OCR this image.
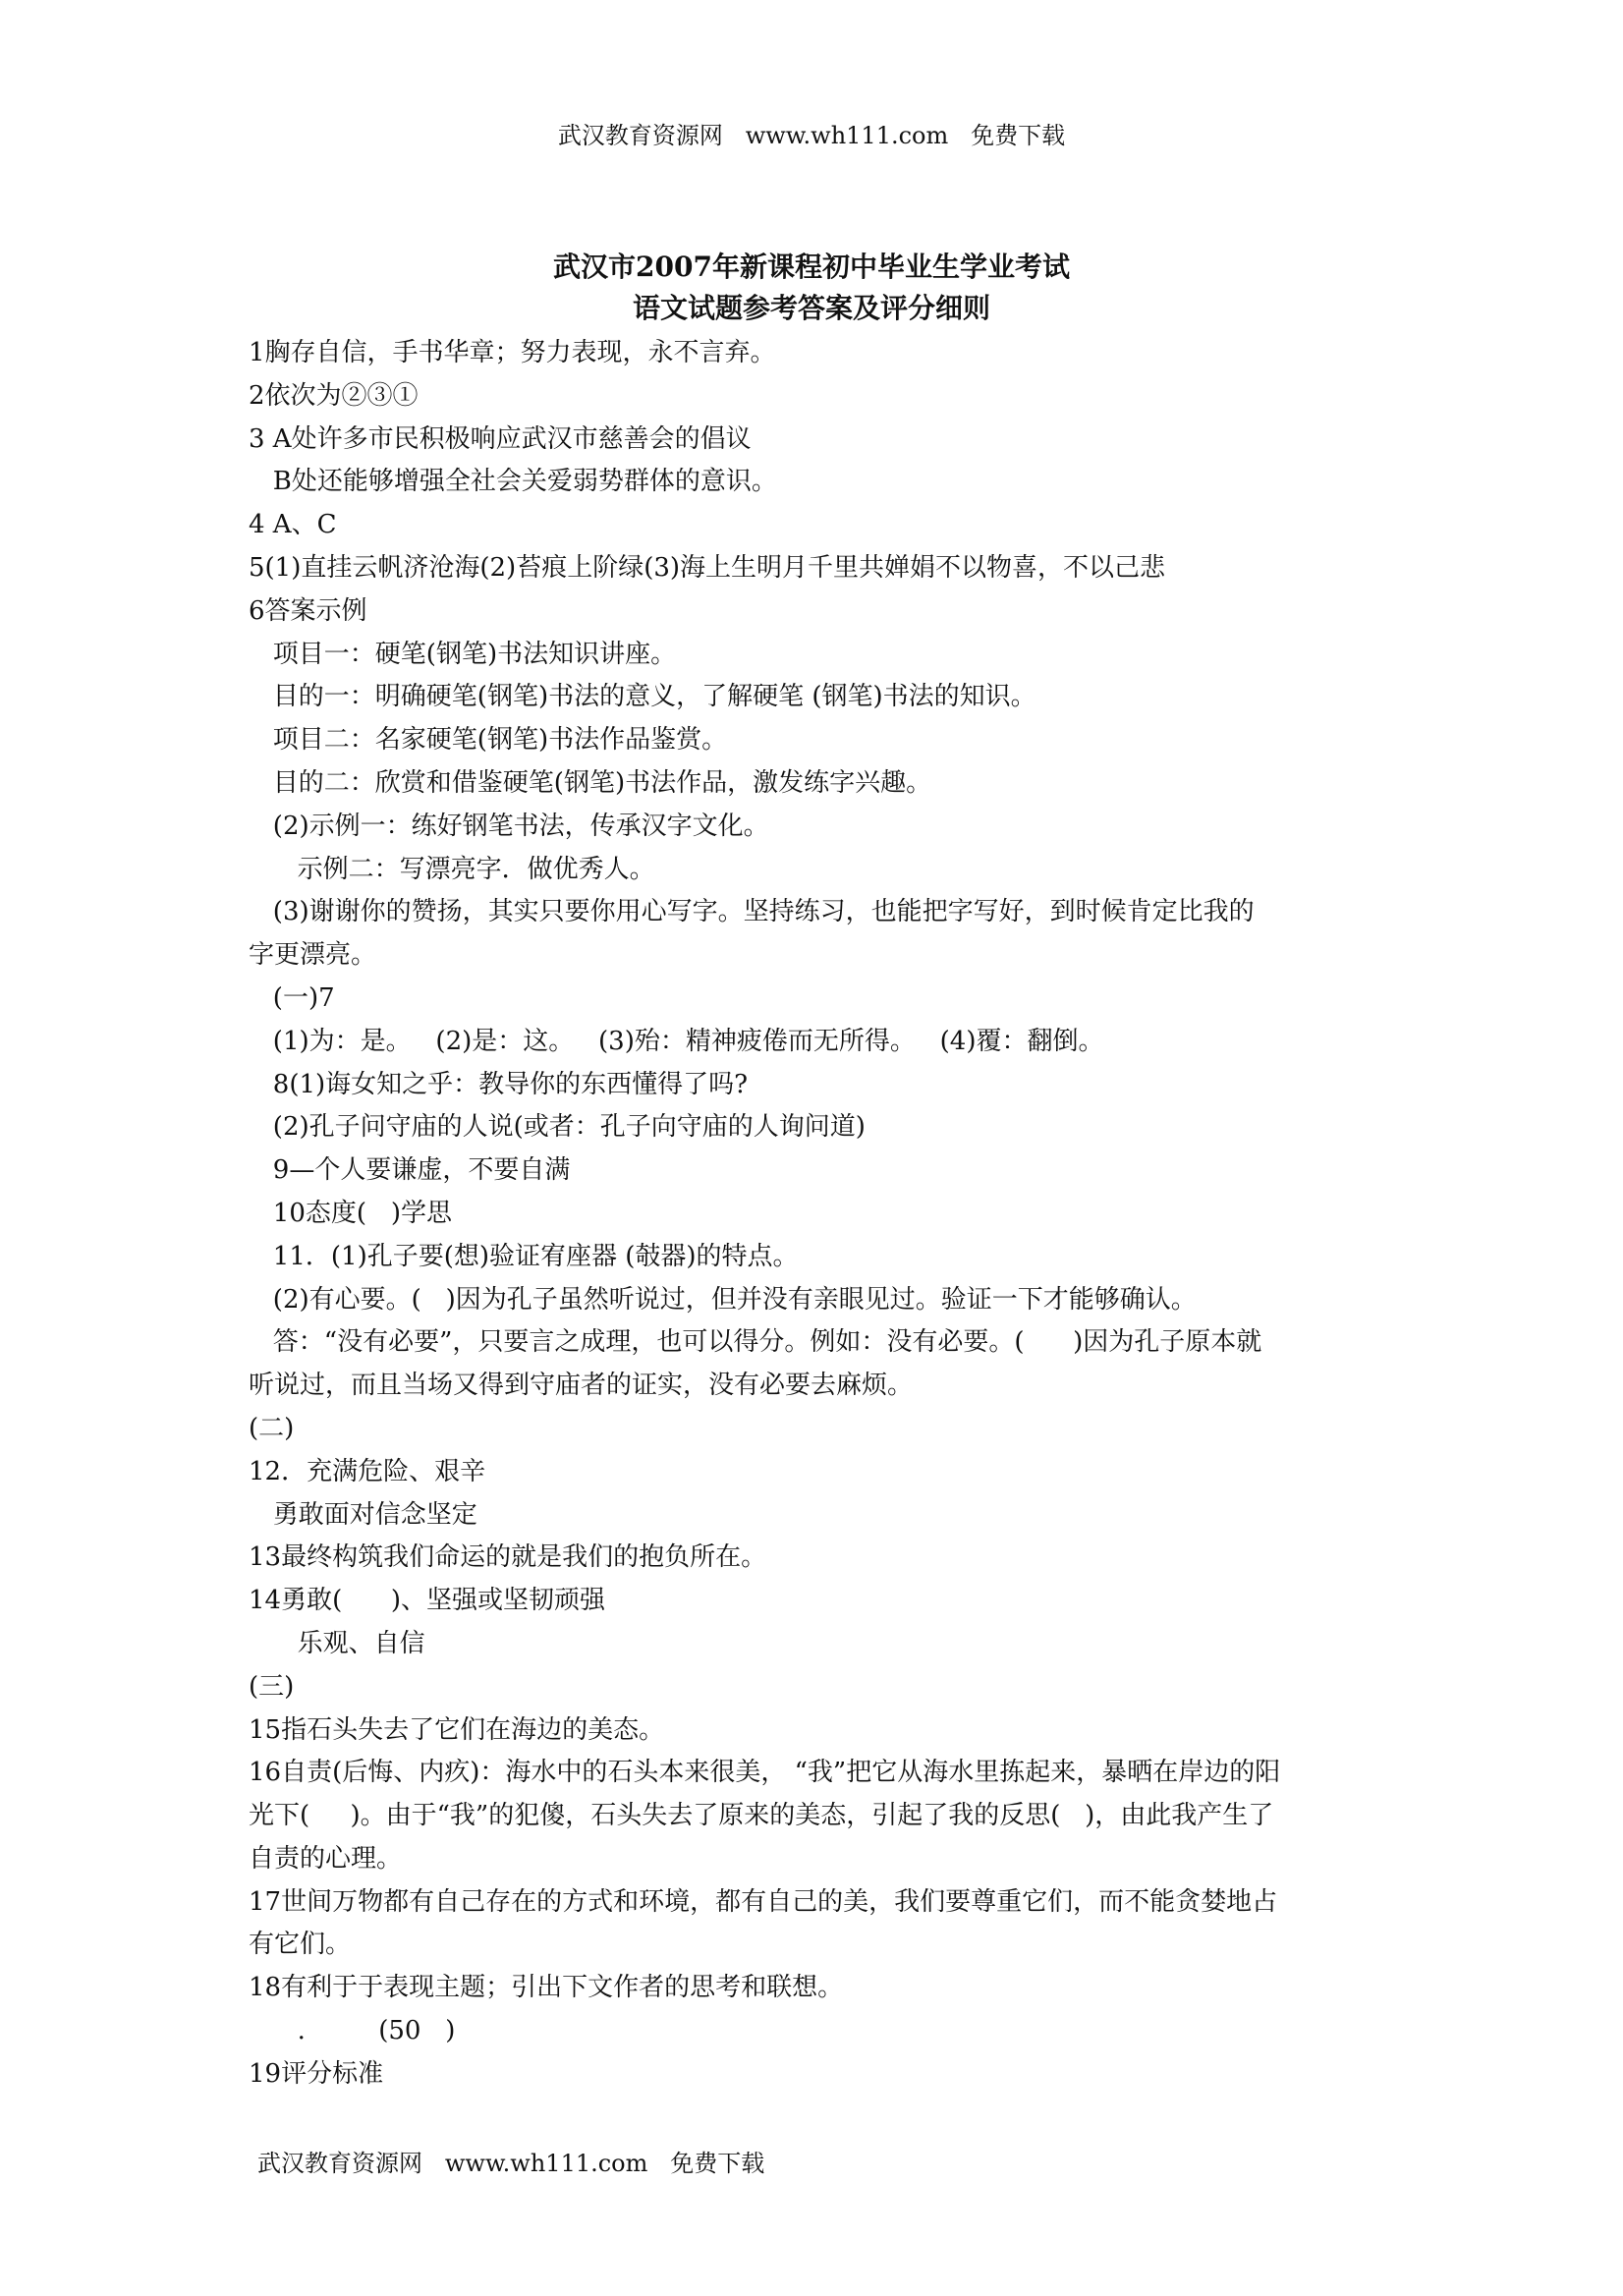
武汉教育资源网   www.wh111.com   免费下载
武汉市2007年新课程初中毕业生学业考试
语文试题参考答案及评分细则

1胸存自信，手书华章；努力表现，永不言弃。

2依次为②③①

3 A处许多市民积极响应武汉市慈善会的倡议

B处还能够增强全社会关爱弱势群体的意识。

4 A、C

5(1)直挂云帆济沧海(2)苔痕上阶绿(3)海上生明月千里共婵娟不以物喜，不以己悲

6答案示例

项目一：硬笔(钢笔)书法知识讲座。

目的一：明确硬笔(钢笔)书法的意义，了解硬笔 (钢笔)书法的知识。

项目二：名家硬笔(钢笔)书法作品鉴赏。

目的二：欣赏和借鉴硬笔(钢笔)书法作品，激发练字兴趣。

(2)示例一：练好钢笔书法，传承汉字文化。

示例二：写漂亮字．做优秀人。

(3)谢谢你的赞扬，其实只要你用心写字。坚持练习，也能把字写好，到时候肯定比我的

字更漂亮。

(一)7

(1)为：是。   (2)是：这。   (3)殆：精神疲倦而无所得。   (4)覆：翻倒。

8(1)诲女知之乎：教导你的东西懂得了吗?

(2)孔子问守庙的人说(或者：孔子向守庙的人询问道)

9—个人要谦虚，不要自满

10态度(   )学思

11．(1)孔子要(想)验证宥座器 (攲器)的特点。

(2)有心要。(   )因为孔子虽然听说过，但并没有亲眼见过。验证一下才能够确认。

答：“没有必要”，只要言之成理，也可以得分。例如：没有必要。(      )因为孔子原本就

听说过，而且当场又得到守庙者的证实，没有必要去麻烦。

(二)

12．充满危险、艰辛

勇敢面对信念坚定

13最终构筑我们命运的就是我们的抱负所在。

14勇敢(      )、坚强或坚韧顽强

乐观、自信

(三)

15指石头失去了它们在海边的美态。

16自责(后悔、内疚)：海水中的石头本来很美， “我”把它从海水里拣起来，暴晒在岸边的阳

光下(     )。由于“我”的犯傻，石头失去了原来的美态，引起了我的反思(   )，由此我产生了

自责的心理。

17世间万物都有自己存在的方式和环境，都有自己的美，我们要尊重它们，而不能贪婪地占

有它们。

18有利于于表现主题；引出下文作者的思考和联想。

.         (50   )

19评分标准

武汉教育资源网   www.wh111.com   免费下载
